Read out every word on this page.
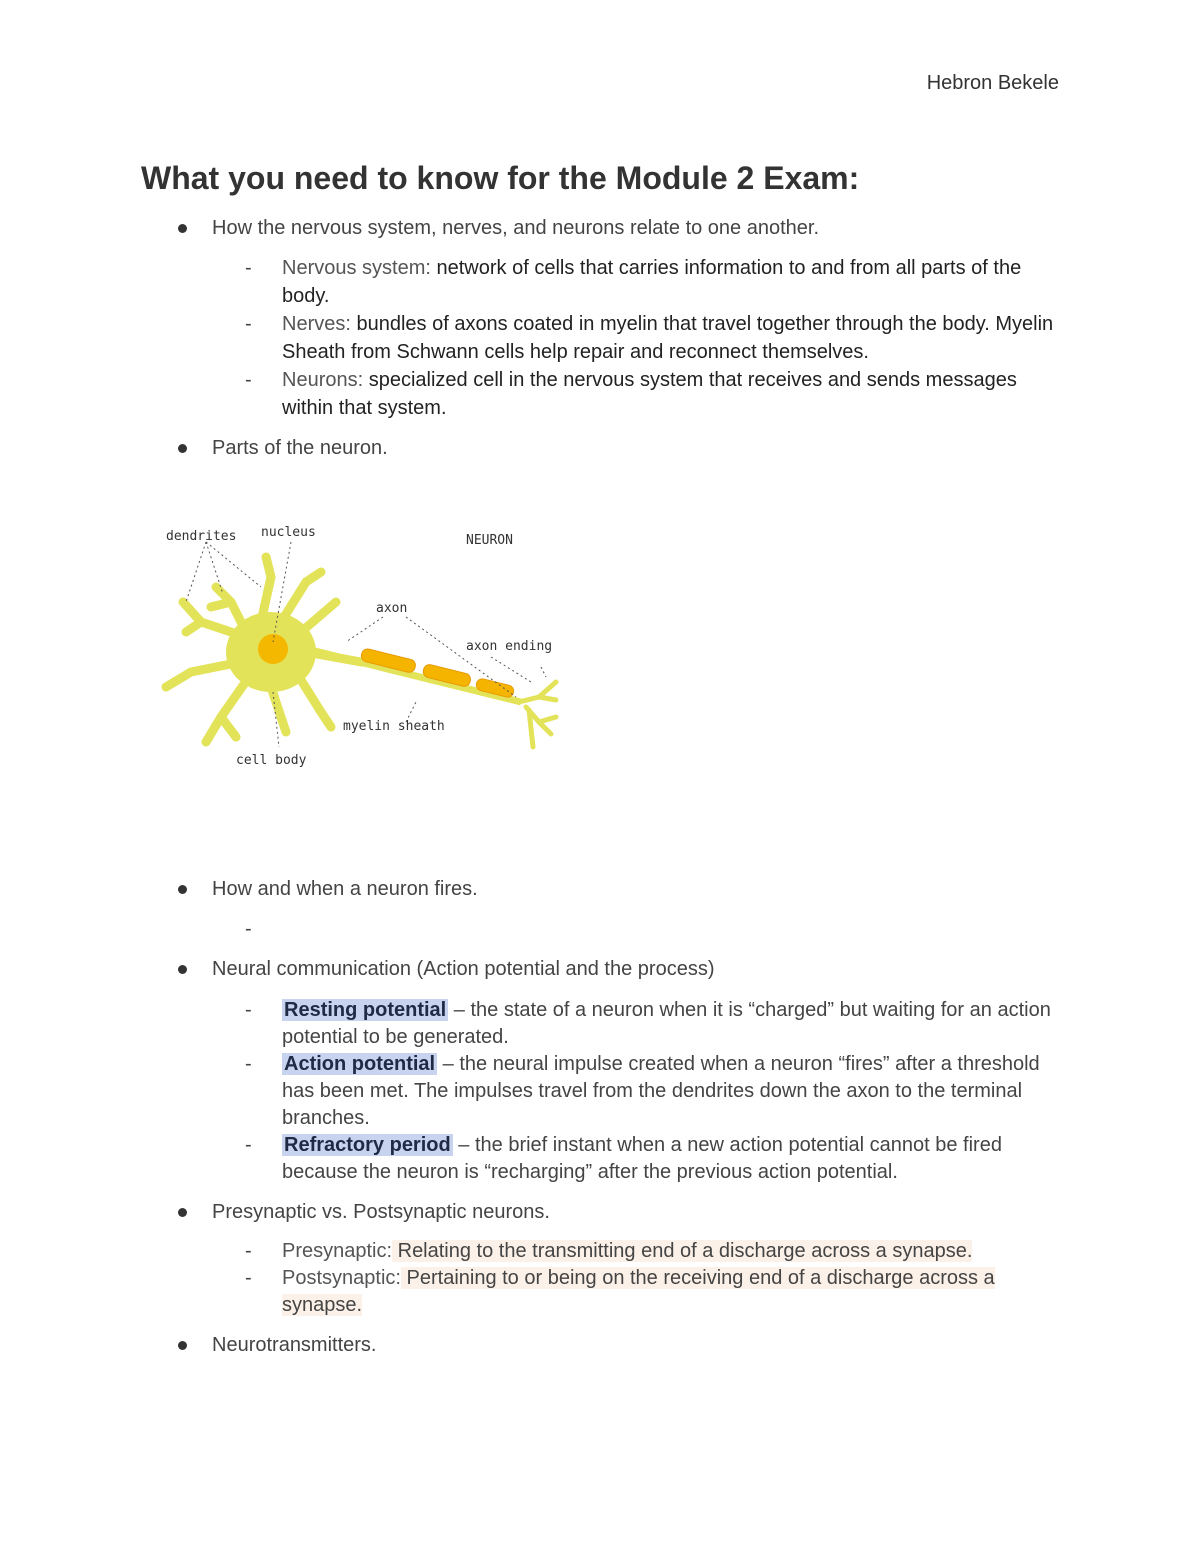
Hebron Bekele
What you need to know for the Module 2 Exam:

How the nervous system, nerves, and neurons relate to one another.

- Nervous system: network of cells that carries information to and from all parts of the body.

- Nerves: bundles of axons coated in myelin that travel together through the body. Myelin Sheath from Schwann cells help repair and reconnect themselves.

- Neurons: specialized cell in the nervous system that receives and sends messages within that system.

Parts of the neuron.

dendrites nucleus
NEURON
axon
axon ending
myelin sheath
cell body

How and when a neuron fires.

-

Neural communication (Action potential and the process)

- Resting potential – the state of a neuron when it is “charged” but waiting for an action potential to be generated.

- Action potential – the neural impulse created when a neuron “fires” after a threshold has been met. The impulses travel from the dendrites down the axon to the terminal branches.

- Refractory period – the brief instant when a new action potential cannot be fired because the neuron is “recharging” after the previous action potential.

Presynaptic vs. Postsynaptic neurons.

- Presynaptic: Relating to the transmitting end of a discharge across a synapse.

- Postsynaptic: Pertaining to or being on the receiving end of a discharge across a synapse.

Neurotransmitters.
